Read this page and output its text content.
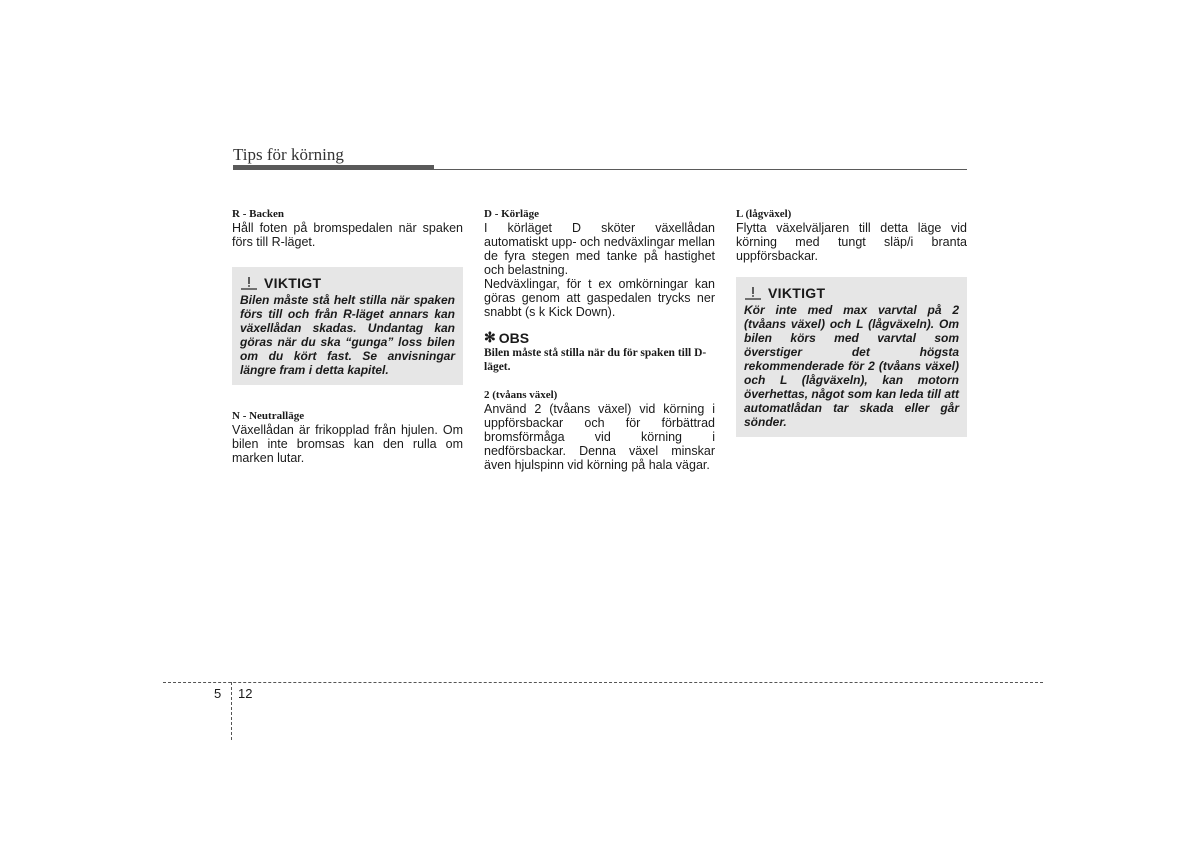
Tips för körning

R - Backen

Håll foten på bromspedalen när spaken förs till R-läget.

VIKTIGT

Bilen måste stå helt stilla när spaken förs till och från R-läget annars kan växellådan skadas. Undantag kan göras när du ska “gunga” loss bilen om du kört fast. Se anvisningar längre fram i detta kapitel.

N - Neutralläge

Växellådan är frikopplad från hjulen. Om bilen inte bromsas kan den rulla om marken lutar.

D - Körläge

I körläget D sköter växellådan automatiskt upp- och nedväxlingar mellan de fyra stegen med tanke på hastighet och belastning.

Nedväxlingar, för t ex omkörningar kan göras genom att gaspedalen trycks ner snabbt (s k Kick Down).

✻ OBS

Bilen måste stå stilla när du för spaken till D-läget.

2 (tvåans växel)

Använd 2 (tvåans växel) vid körning i uppförsbackar och för förbättrad bromsförmåga vid körning i nedförsbackar. Denna växel minskar även hjulspinn vid körning på hala vägar.

L (lågväxel)

Flytta växelväljaren till detta läge vid körning med tungt släp/i branta uppförsbackar.

VIKTIGT

Kör inte med max varvtal på 2 (tvåans växel) och L (lågväxeln). Om bilen körs med varvtal som överstiger det högsta rekommenderade för 2 (tvåans växel) och L (lågväxeln), kan motorn överhettas, något som kan leda till att automatlådan tar skada eller går sönder.

5 12
